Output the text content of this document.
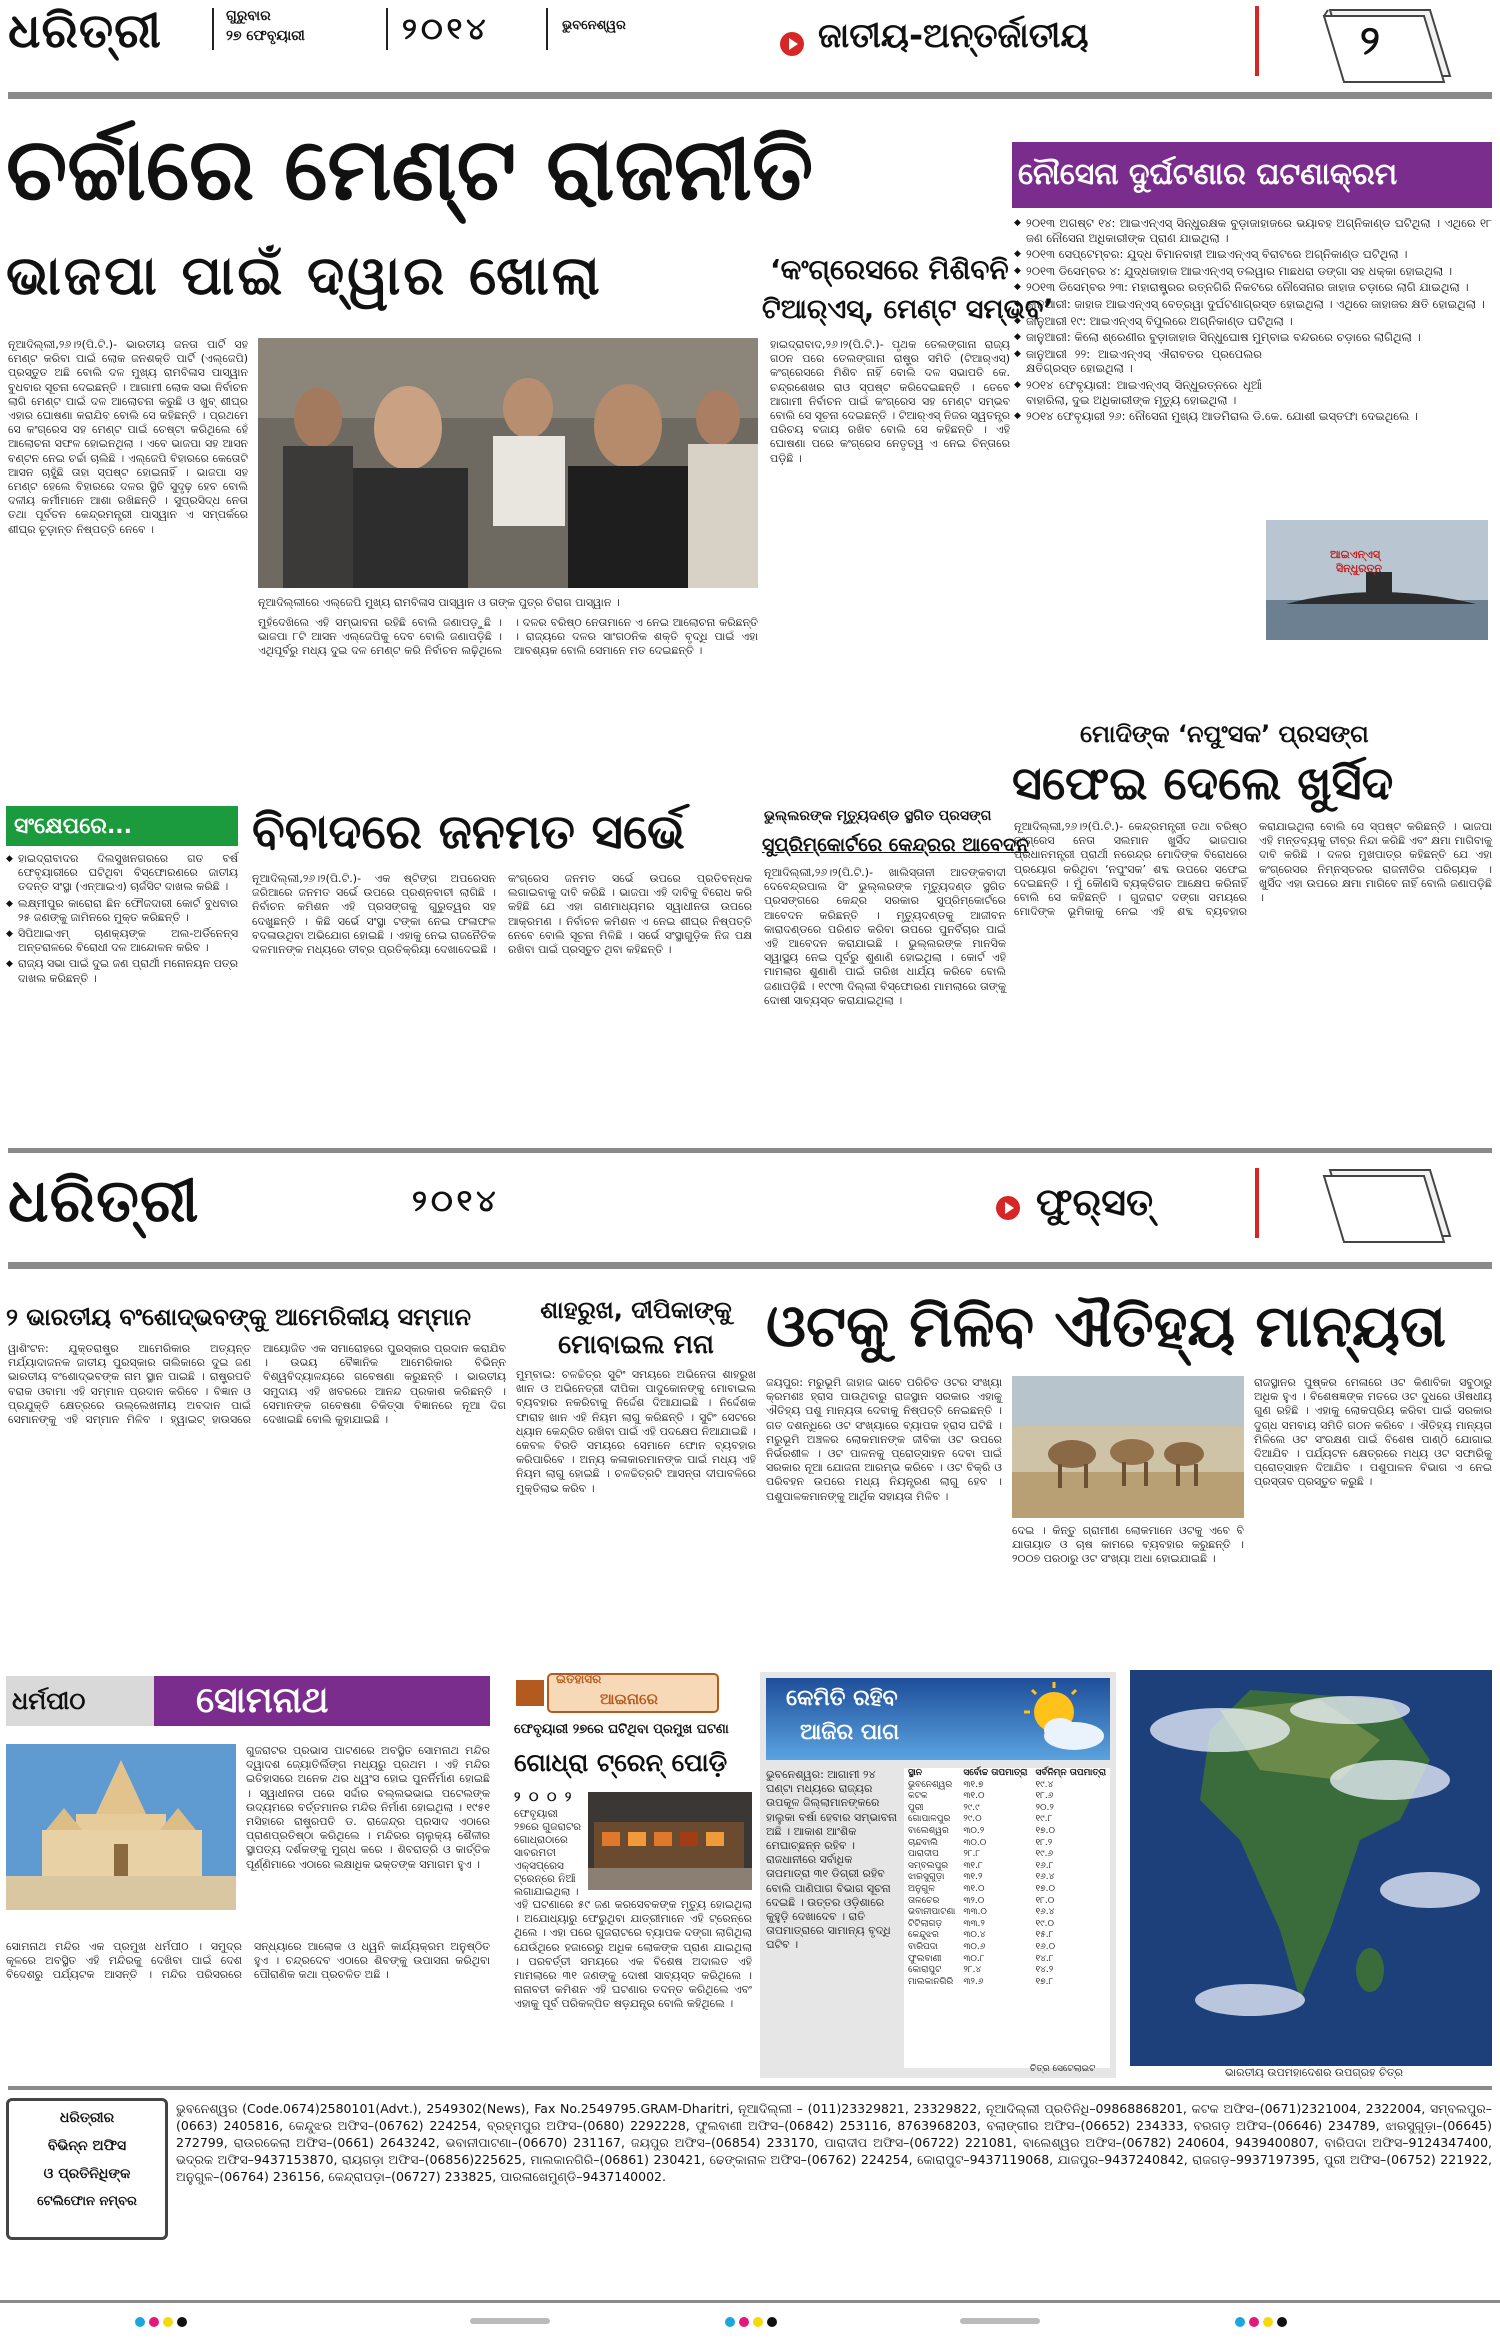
ଧରିତ୍ରୀ	ଗୁରୁବାର
୨୭ ଫେବୃୟାରୀ	୨୦୧୪	ଭୁବନେଶ୍ୱର	ଜାତୀୟ-ଅନ୍ତର୍ଜାତୀୟ	୨
ଚର୍ଚ୍ଚାରେ ମେଣ୍ଟ ରାଜନୀତି
ଭାଜପା ପାଇଁ ଦ୍ୱାର ଖୋଲା	‘କଂଗ୍ରେସରେ ମିଶିବନି
ଟିଆର୍‌ଏସ୍, ମେଣ୍ଟ ସମ୍ଭବ’
ନୂଆଦିଲ୍ଲୀ,୨୬।୨(ପି.ଟି.)- ଭାରତୀୟ ଜନତା ପାର୍ଟି ସହ ମେଣ୍ଟ କରିବା ପାଇଁ ଲୋକ ଜନଶକ୍ତି ପାର୍ଟି (ଏଲ୍‌ଜେପି) ପ୍ରସ୍ତୁତ ଅଛି ବୋଲି ଦଳ ମୁଖ୍ୟ ରାମବିଳାସ ପାସ୍‌ୱାନ ବୁଧବାର ସୂଚନା ଦେଇଛନ୍ତି । ଆଗାମୀ ଲୋକ ସଭା ନିର୍ବାଚନ ଲାଗି ମେଣ୍ଟ ପାଇଁ ଦଳ ଆଲୋଚନା କରୁଛି ଓ ଖୁବ୍ ଶୀଘ୍ର ଏହାର ଘୋଷଣା କରାଯିବ ବୋଲି ସେ କହିଛନ୍ତି । ପ୍ରଥମେ ସେ କଂଗ୍ରେସ ସହ ମେଣ୍ଟ ପାଇଁ ଚେଷ୍ଟା କରିଥିଲେ ହେଁ ଆଲୋଚନା ସଫଳ ହୋଇନଥିଲା । ଏବେ ଭାଜପା ସହ ଆସନ ବଣ୍ଟନ ନେଇ ଚର୍ଚ୍ଚା ଚାଲିଛି । ଏଲ୍‌ଜେପି ବିହାରରେ କେତୋଟି ଆସନ ଚାହୁଁଛି ତାହା ସ୍ପଷ୍ଟ ହୋଇନାହିଁ । ଭାଜପା ସହ ମେଣ୍ଟ ହେଲେ ବିହାରରେ ଦଳର ସ୍ଥିତି ସୁଦୃଢ଼ ହେବ ବୋଲି ଦଳୀୟ କର୍ମୀମାନେ ଆଶା ରଖିଛନ୍ତି । ସୁପ୍ରସିଦ୍ଧ ନେତା ତଥା ପୂର୍ବତନ କେନ୍ଦ୍ରମନ୍ତ୍ରୀ ପାସ୍‌ୱାନ ଏ ସମ୍ପର୍କରେ ଶୀଘ୍ର ଚୂଡ଼ାନ୍ତ ନିଷ୍ପତ୍ତି ନେବେ ।
ନୂଆଦିଲ୍ଲୀରେ ଏଲ୍‌ଜେପି ମୁଖ୍ୟ ରାମବିଳାସ ପାସ୍‌ୱାନ ଓ ତାଙ୍କ ପୁତ୍ର ଚିରାଗ ପାସ୍‌ୱାନ ।
ମୁହଁଦେଖିଲେ ଏହି ସମ୍ଭାବନା ରହିଛି ବୋଲି ଜଣାପଡ଼ୁଛି । ଭାଜପା ୮ଟି ଆସନ ଏଲ୍‌ଜେପିକୁ ଦେବ ବୋଲି ଜଣାପଡ଼ିଛି । ଏଥିପୂର୍ବରୁ ମଧ୍ୟ ଦୁଇ ଦଳ ମେଣ୍ଟ କରି ନିର୍ବାଚନ ଲଢ଼ିଥିଲେ । ଦଳର ବରିଷ୍ଠ ନେତାମାନେ ଏ ନେଇ ଆଲୋଚନା କରିଛନ୍ତି । ରାଜ୍ୟରେ ଦଳର ସାଂଗଠନିକ ଶକ୍ତି ବୃଦ୍ଧି ପାଇଁ ଏହା ଆବଶ୍ୟକ ବୋଲି ସେମାନେ ମତ ଦେଇଛନ୍ତି ।
ହାଇଦ୍ରାବାଦ,୨୬।୨(ପି.ଟି.)- ପୃଥକ ତେଲଙ୍ଗାନା ରାଜ୍ୟ ଗଠନ ପରେ ତେଲଙ୍ଗାନା ରାଷ୍ଟ୍ର ସମିତି (ଟିଆର୍‌ଏସ୍) କଂଗ୍ରେସରେ ମିଶିବ ନାହିଁ ବୋଲି ଦଳ ସଭାପତି କେ. ଚନ୍ଦ୍ରଶେଖର ରାଓ ସ୍ପଷ୍ଟ କରିଦେଇଛନ୍ତି । ତେବେ ଆଗାମୀ ନିର୍ବାଚନ ପାଇଁ କଂଗ୍ରେସ ସହ ମେଣ୍ଟ ସମ୍ଭବ ବୋଲି ସେ ସୂଚନା ଦେଇଛନ୍ତି । ଟିଆର୍‌ଏସ୍ ନିଜର ସ୍ୱତନ୍ତ୍ର ପରିଚୟ ବଜାୟ ରଖିବ ବୋଲି ସେ କହିଛନ୍ତି । ଏହି ଘୋଷଣା ପରେ କଂଗ୍ରେସ ନେତୃତ୍ୱ ଏ ନେଇ ଚିନ୍ତାରେ ପଡ଼ିଛି ।
ନୌସେନା ଦୁର୍ଘଟଣାର ଘଟଣାକ୍ରମ
◆ ୨୦୧୩ ଅଗଷ୍ଟ ୧୪: ଆଇଏନ୍‌ଏସ୍ ସିନ୍ଧୁରକ୍ଷକ ବୁଡ଼ାଜାହାଜରେ ଭୟାବହ ଅଗ୍ନିକାଣ୍ଡ ଘଟିଥିଲା । ଏଥିରେ ୧୮ ଜଣ ନୌସେନା ଅଧିକାରୀଙ୍କ ପ୍ରାଣ ଯାଇଥିଲା ।
◆ ୨୦୧୩ ସେପ୍ଟେମ୍ବର: ଯୁଦ୍ଧ ବିମାନବାହୀ ଆଇଏନ୍‌ଏସ୍ ବିରାଟରେ ଅଗ୍ନିକାଣ୍ଡ ଘଟିଥିଲା ।
◆ ୨୦୧୩ ଡିସେମ୍ବର ୪: ଯୁଦ୍ଧଜାହାଜ ଆଇଏନ୍‌ଏସ୍ ତଲୱାର ମାଛଧରା ଡଙ୍ଗା ସହ ଧକ୍କା ହୋଇଥିଲା ।
◆ ୨୦୧୩ ଡିସେମ୍ବର ୨୩: ମହାରାଷ୍ଟ୍ରର ରତ୍ନଗିରି ନିକଟରେ ନୌସେନାର ଜାହାଜ ଚଡ଼ାରେ ଲାଗି ଯାଇଥିଲା ।
◆ ଜାନୁଆରୀ: ଜାହାଜ ଆଇଏନ୍‌ଏସ୍ ବେତ୍ରୱା ଦୁର୍ଘଟଣାଗ୍ରସ୍ତ ହୋଇଥିଲା । ଏଥିରେ ଜାହାଜର କ୍ଷତି ହୋଇଥିଲା ।
◆ ଜାନୁଆରୀ ୧୯: ଆଇଏନ୍‌ଏସ୍ ବିପୁଲରେ ଅଗ୍ନିକାଣ୍ଡ ଘଟିଥିଲା ।
◆ ଜାନୁଆରୀ: କିଲୋ ଶ୍ରେଣୀର ବୁଡ଼ାଜାହାଜ ସିନ୍ଧୁଘୋଷ ମୁମ୍ବାଇ ବନ୍ଦରରେ ଚଡ଼ାରେ ଲାଗିଥିଲା ।
◆ ଜାନୁଆରୀ ୨୨: ଆଇଏନ୍‌ଏସ୍ ଐରାବତର ପ୍ରପେଲର କ୍ଷତିଗ୍ରସ୍ତ ହୋଇଥିଲା ।
◆ ୨୦୧୪ ଫେବୃୟାରୀ: ଆଇଏନ୍‌ଏସ୍ ସିନ୍ଧୁରତ୍ନରେ ଧୂଆଁ ବାହାରିଲା, ଦୁଇ ଅଧିକାରୀଙ୍କ ମୃତ୍ୟୁ ହୋଇଥିଲା ।
◆ ୨୦୧୪ ଫେବୃୟାରୀ ୨୬: ନୌସେନା ମୁଖ୍ୟ ଆଡମିରାଲ ଡି.କେ. ଯୋଶୀ ଇସ୍ତଫା ଦେଇଥିଲେ ।
ଆଇଏନ୍‌ଏସ୍
ସିନ୍ଧୁରତ୍ନ
ମୋଦିଙ୍କ ‘ନପୁଂସକ’ ପ୍ରସଙ୍ଗ
ସଫେଇ ଦେଲେ ଖୁର୍ସିଦ
ନୂଆଦିଲ୍ଲୀ,୨୬।୨(ପି.ଟି.)- କେନ୍ଦ୍ରମନ୍ତ୍ରୀ ତଥା ବରିଷ୍ଠ କଂଗ୍ରେସ ନେତା ସଲମାନ ଖୁର୍ସିଦ ଭାଜପାର ପ୍ରଧାନମନ୍ତ୍ରୀ ପ୍ରାର୍ଥୀ ନରେନ୍ଦ୍ର ମୋଦିଙ୍କ ବିରୋଧରେ ପ୍ରୟୋଗ କରିଥିବା ‘ନପୁଂସକ’ ଶବ୍ଦ ଉପରେ ସଫେଇ ଦେଇଛନ୍ତି । ମୁଁ କୌଣସି ବ୍ୟକ୍ତିଗତ ଆକ୍ଷେପ କରିନାହିଁ ବୋଲି ସେ କହିଛନ୍ତି । ଗୁଜରାଟ ଦଙ୍ଗା ସମୟରେ ମୋଦିଙ୍କ ଭୂମିକାକୁ ନେଇ ଏହି ଶବ୍ଦ ବ୍ୟବହାର କରାଯାଇଥିଲା ବୋଲି ସେ ସ୍ପଷ୍ଟ କରିଛନ୍ତି । ଭାଜପା ଏହି ମନ୍ତବ୍ୟକୁ ତୀବ୍ର ନିନ୍ଦା କରିଛି ଏବଂ କ୍ଷମା ମାଗିବାକୁ ଦାବି କରିଛି । ଦଳର ମୁଖପାତ୍ର କହିଛନ୍ତି ଯେ ଏହା କଂଗ୍ରେସର ନିମ୍ନସ୍ତରର ରାଜନୀତିର ପରିଚାୟକ । ଖୁର୍ସିଦ ଏହା ଉପରେ କ୍ଷମା ମାଗିବେ ନାହିଁ ବୋଲି ଜଣାପଡ଼ିଛି ।
ସଂକ୍ଷେପରେ...
◆ ହାଇଦ୍ରାବାଦର ଦିଲସୁଖନଗରରେ ଗତ ବର୍ଷ ଫେବୃୟାରୀରେ ଘଟିଥିବା ବିସ୍ଫୋରଣରେ ଜାତୀୟ ତଦନ୍ତ ସଂସ୍ଥା (ଏନ୍‌ଆଇଏ) ଚାର୍ଜସିଟ ଦାଖଲ କରିଛି ।
◆ ଲକ୍ଷ୍ମୀପୁର କାରୋରା ଛିନ ଫୌଜଦାରୀ କୋର୍ଟ ବୁଧବାର ୨୫ ଜଣଙ୍କୁ ଜାମିନରେ ମୁକ୍ତ କରିଛନ୍ତି ।
◆ ସିପିଆଇଏମ୍ ଚାଣକ୍ୟଙ୍କ ଅଲ-ଅର୍ଡିନେନ୍ସ ଅନ୍ତରାଳରେ ବିରୋଧୀ ଦଳ ଆନ୍ଦୋଳନ କରିବ ।
◆ ରାଜ୍ୟ ସଭା ପାଇଁ ଦୁଇ ଜଣ ପ୍ରାର୍ଥୀ ମନୋନୟନ ପତ୍ର ଦାଖଲ କରିଛନ୍ତି ।
ବିବାଦରେ ଜନମତ ସର୍ଭେ
ନୂଆଦିଲ୍ଲୀ,୨୬।୨(ପି.ଟି.)- ଏକ ଷ୍ଟିଙ୍ଗ ଅପରେସନ ଜରିଆରେ ଜନମତ ସର୍ଭେ ଉପରେ ପ୍ରଶ୍ନବାଚୀ ଲାଗିଛି । ନିର୍ବାଚନ କମିଶନ ଏହି ପ୍ରସଙ୍ଗକୁ ଗୁରୁତ୍ୱର ସହ ଦେଖୁଛନ୍ତି । କିଛି ସର୍ଭେ ସଂସ୍ଥା ଟଙ୍କା ନେଇ ଫଳାଫଳ ବଦଳାଉଥିବା ଅଭିଯୋଗ ହୋଇଛି । ଏହାକୁ ନେଇ ରାଜନୈତିକ ଦଳମାନଙ୍କ ମଧ୍ୟରେ ତୀବ୍ର ପ୍ରତିକ୍ରିୟା ଦେଖାଦେଇଛି । କଂଗ୍ରେସ ଜନମତ ସର୍ଭେ ଉପରେ ପ୍ରତିବନ୍ଧକ ଲଗାଇବାକୁ ଦାବି କରିଛି । ଭାଜପା ଏହି ଦାବିକୁ ବିରୋଧ କରି କହିଛି ଯେ ଏହା ଗଣମାଧ୍ୟମର ସ୍ୱାଧୀନତା ଉପରେ ଆକ୍ରମଣ । ନିର୍ବାଚନ କମିଶନ ଏ ନେଇ ଶୀଘ୍ର ନିଷ୍ପତ୍ତି ନେବେ ବୋଲି ସୂଚନା ମିଳିଛି । ସର୍ଭେ ସଂସ୍ଥାଗୁଡ଼ିକ ନିଜ ପକ୍ଷ ରଖିବା ପାଇଁ ପ୍ରସ୍ତୁତ ଥିବା କହିଛନ୍ତି ।
ଭୁଲ୍ଲରଙ୍କ ମୃତ୍ୟୁଦଣ୍ଡ ସ୍ଥଗିତ ପ୍ରସଙ୍ଗ
ସୁପ୍ରିମ୍‌କୋର୍ଟରେ କେନ୍ଦ୍ରର ଆବେଦନ
ନୂଆଦିଲ୍ଲୀ,୨୬।୨(ପି.ଟି.)- ଖାଲିସ୍ତାନୀ ଆତଙ୍କବାଦୀ ଦେବେନ୍ଦ୍ରପାଲ ସିଂ ଭୁଲ୍ଲରଙ୍କ ମୃତ୍ୟୁଦଣ୍ଡ ସ୍ଥଗିତ ପ୍ରସଙ୍ଗରେ କେନ୍ଦ୍ର ସରକାର ସୁପ୍ରିମ୍‌କୋର୍ଟରେ ଆବେଦନ କରିଛନ୍ତି । ମୃତ୍ୟୁଦଣ୍ଡକୁ ଆଜୀବନ କାରାଦଣ୍ଡରେ ପରିଣତ କରିବା ଉପରେ ପୁନର୍ବିଚାର ପାଇଁ ଏହି ଆବେଦନ କରାଯାଇଛି । ଭୁଲ୍ଲରଙ୍କ ମାନସିକ ସ୍ୱାସ୍ଥ୍ୟ ନେଇ ପୂର୍ବରୁ ଶୁଣାଣି ହୋଇଥିଲା । କୋର୍ଟ ଏହି ମାମଲାର ଶୁଣାଣି ପାଇଁ ତାରିଖ ଧାର୍ଯ୍ୟ କରିବେ ବୋଲି ଜଣାପଡ଼ିଛି । ୧୯୯୩ ଦିଲ୍ଲୀ ବିସ୍ଫୋରଣ ମାମଲାରେ ତାଙ୍କୁ ଦୋଷୀ ସାବ୍ୟସ୍ତ କରାଯାଇଥିଲା ।
ଧରିତ୍ରୀ	୨୦୧୪	ଫୁର୍‌ସତ୍
୨ ଭାରତୀୟ ବଂଶୋଦ୍ଭବଙ୍କୁ ଆମେରିକୀୟ ସମ୍ମାନ
ୱାଶିଂଟନ: ଯୁକ୍ତରାଷ୍ଟ୍ର ଆମେରିକାର ଅତ୍ୟନ୍ତ ମର୍ଯ୍ୟାଦାଜନକ ଜାତୀୟ ପୁରସ୍କାର ତାଲିକାରେ ଦୁଇ ଜଣ ଭାରତୀୟ ବଂଶୋଦ୍ଭବଙ୍କ ନାମ ସ୍ଥାନ ପାଇଛି । ରାଷ୍ଟ୍ରପତି ବରାକ ଓବାମା ଏହି ସମ୍ମାନ ପ୍ରଦାନ କରିବେ । ବିଜ୍ଞାନ ଓ ପ୍ରଯୁକ୍ତି କ୍ଷେତ୍ରରେ ଉଲ୍ଲେଖନୀୟ ଅବଦାନ ପାଇଁ ସେମାନଙ୍କୁ ଏହି ସମ୍ମାନ ମିଳିବ । ହ୍ୱାଇଟ୍ ହାଉସରେ ଆୟୋଜିତ ଏକ ସମାରୋହରେ ପୁରସ୍କାର ପ୍ରଦାନ କରାଯିବ । ଉଭୟ ବୈଜ୍ଞାନିକ ଆମେରିକାର ବିଭିନ୍ନ ବିଶ୍ୱବିଦ୍ୟାଳୟରେ ଗବେଷଣା କରୁଛନ୍ତି । ଭାରତୀୟ ସମୁଦାୟ ଏହି ଖବରରେ ଆନନ୍ଦ ପ୍ରକାଶ କରିଛନ୍ତି । ସେମାନଙ୍କ ଗବେଷଣା ଚିକିତ୍ସା ବିଜ୍ଞାନରେ ନୂଆ ଦିଗ ଦେଖାଇଛି ବୋଲି କୁହାଯାଇଛି ।
ଶାହରୁଖ, ଦୀପିକାଙ୍କୁ
ମୋବାଇଲ ମନା
ମୁମ୍ବାଇ: ଚଳଚ୍ଚିତ୍ର ସୁଟିଂ ସମୟରେ ଅଭିନେତା ଶାହରୁଖ ଖାନ ଓ ଅଭିନେତ୍ରୀ ଦୀପିକା ପାଦୁକୋନଙ୍କୁ ମୋବାଇଲ ବ୍ୟବହାର ନକରିବାକୁ ନିର୍ଦ୍ଦେଶ ଦିଆଯାଇଛି । ନିର୍ଦ୍ଦେଶକ ଫାରାହ ଖାନ ଏହି ନିୟମ ଲାଗୁ କରିଛନ୍ତି । ସୁଟିଂ ସେଟରେ ଧ୍ୟାନ କେନ୍ଦ୍ରିତ ରଖିବା ପାଇଁ ଏହି ପଦକ୍ଷେପ ନିଆଯାଇଛି । କେବଳ ବିରତି ସମୟରେ ସେମାନେ ଫୋନ ବ୍ୟବହାର କରିପାରିବେ । ଅନ୍ୟ କଳାକାରମାନଙ୍କ ପାଇଁ ମଧ୍ୟ ଏହି ନିୟମ ଲାଗୁ ହୋଇଛି । ଚଳଚ୍ଚିତ୍ରଟି ଆସନ୍ତା ଦୀପାବଳିରେ ମୁକ୍ତିଲାଭ କରିବ ।
ଓଟକୁ ମିଳିବ ଐତିହ୍ୟ ମାନ୍ୟତା
ଜୟପୁର: ମରୁଭୂମି ଜାହାଜ ଭାବେ ପରିଚିତ ଓଟର ସଂଖ୍ୟା କ୍ରମଶଃ ହ୍ରାସ ପାଉଥିବାରୁ ରାଜସ୍ଥାନ ସରକାର ଏହାକୁ ଐତିହ୍ୟ ପଶୁ ମାନ୍ୟତା ଦେବାକୁ ନିଷ୍ପତ୍ତି ନେଇଛନ୍ତି । ଗତ ଦଶନ୍ଧିରେ ଓଟ ସଂଖ୍ୟାରେ ବ୍ୟାପକ ହ୍ରାସ ଘଟିଛି । ମରୁଭୂମି ଅଞ୍ଚଳର ଲୋକମାନଙ୍କ ଜୀବିକା ଓଟ ଉପରେ ନିର୍ଭରଶୀଳ । ଓଟ ପାଳନକୁ ପ୍ରୋତ୍ସାହନ ଦେବା ପାଇଁ ସରକାର ନୂଆ ଯୋଜନା ଆରମ୍ଭ କରିବେ । ଓଟ ବିକ୍ରି ଓ ପରିବହନ ଉପରେ ମଧ୍ୟ ନିୟନ୍ତ୍ରଣ ଲାଗୁ ହେବ । ପଶୁପାଳକମାନଙ୍କୁ ଆର୍ଥିକ ସହାୟତା ମିଳିବ ।
ଦେଇ । କିନ୍ତୁ ଗ୍ରାମୀଣ ଲୋକମାନେ ଓଟକୁ ଏବେ ବି ଯାତାୟାତ ଓ ଚାଷ କାମରେ ବ୍ୟବହାର କରୁଛନ୍ତି । ୨୦୦୭ ପରଠାରୁ ଓଟ ସଂଖ୍ୟା ଅଧା ହୋଇଯାଇଛି ।
ରାଜସ୍ଥାନର ପୁଷ୍କର ମେଳାରେ ଓଟ କିଣାବିକା ସବୁଠାରୁ ଅଧିକ ହୁଏ । ବିଶେଷଜ୍ଞଙ୍କ ମତରେ ଓଟ ଦୁଧରେ ଔଷଧୀୟ ଗୁଣ ରହିଛି । ଏହାକୁ ଲୋକପ୍ରିୟ କରିବା ପାଇଁ ସରକାର ଦୁଗ୍ଧ ସମବାୟ ସମିତି ଗଠନ କରିବେ । ଐତିହ୍ୟ ମାନ୍ୟତା ମିଳିଲେ ଓଟ ସଂରକ୍ଷଣ ପାଇଁ ବିଶେଷ ପାଣ୍ଠି ଯୋଗାଇ ଦିଆଯିବ । ପର୍ଯ୍ୟଟନ କ୍ଷେତ୍ରରେ ମଧ୍ୟ ଓଟ ସଫାରିକୁ ପ୍ରୋତ୍ସାହନ ଦିଆଯିବ । ପଶୁପାଳନ ବିଭାଗ ଏ ନେଇ ପ୍ରସ୍ତାବ ପ୍ରସ୍ତୁତ କରୁଛି ।
ଧର୍ମପୀଠ	ସୋମନାଥ
ଗୁଜରାଟର ପ୍ରଭାସ ପାଟଣରେ ଅବସ୍ଥିତ ସୋମନାଥ ମନ୍ଦିର ଦ୍ୱାଦଶ ଜ୍ୟୋତିର୍ଲିଙ୍ଗ ମଧ୍ୟରୁ ପ୍ରଥମ । ଏହି ମନ୍ଦିର ଇତିହାସରେ ଅନେକ ଥର ଧ୍ୱଂସ ହୋଇ ପୁନର୍ନିର୍ମାଣ ହୋଇଛି । ସ୍ୱାଧୀନତା ପରେ ସର୍ଦ୍ଦାର ବଲ୍ଲଭଭାଇ ପଟେଲଙ୍କ ଉଦ୍ୟମରେ ବର୍ତ୍ତମାନର ମନ୍ଦିର ନିର୍ମାଣ ହୋଇଥିଲା । ୧୯୫୧ ମସିହାରେ ରାଷ୍ଟ୍ରପତି ଡ. ରାଜେନ୍ଦ୍ର ପ୍ରସାଦ ଏଠାରେ ପ୍ରାଣପ୍ରତିଷ୍ଠା କରିଥିଲେ । ମନ୍ଦିରର ଚାଲୁକ୍ୟ ଶୈଳୀର ସ୍ଥାପତ୍ୟ ଦର୍ଶକଙ୍କୁ ମୁଗ୍ଧ କରେ । ଶିବରାତ୍ରି ଓ କାର୍ତ୍ତିକ ପୂର୍ଣ୍ଣିମାରେ ଏଠାରେ ଲକ୍ଷାଧିକ ଭକ୍ତଙ୍କ ସମାଗମ ହୁଏ ।
ସୋମନାଥ ମନ୍ଦିର ଏକ ପ୍ରମୁଖ ଧର୍ମପୀଠ । ସମୁଦ୍ର କୂଳରେ ଅବସ୍ଥିତ ଏହି ମନ୍ଦିରକୁ ଦେଖିବା ପାଇଁ ଦେଶ ବିଦେଶରୁ ପର୍ଯ୍ୟଟକ ଆସନ୍ତି । ମନ୍ଦିର ପରିସରରେ ସନ୍ଧ୍ୟାରେ ଆଲୋକ ଓ ଧ୍ୱନି କାର୍ଯ୍ୟକ୍ରମ ଅନୁଷ୍ଠିତ ହୁଏ । ଚନ୍ଦ୍ରଦେବ ଏଠାରେ ଶିବଙ୍କୁ ଉପାସନା କରିଥିବା ପୌରାଣିକ କଥା ପ୍ରଚଳିତ ଅଛି ।
ଇତିହାସର
ଆଇନାରେ
ଫେବୃୟାରୀ ୨୭ରେ ଘଟିଥିବା ପ୍ରମୁଖ ଘଟଣା
ଗୋଧ୍ରା ଟ୍ରେନ୍ ପୋଡ଼ି
୨ ୦ ୦ ୨
ଫେବୃୟାରୀ ୨୭ରେ ଗୁଜରାଟର ଗୋଧ୍ରାଠାରେ ସାବରମତୀ ଏକ୍ସପ୍ରେସ ଟ୍ରେନ୍‌ରେ ନିଆଁ ଲଗାଯାଇଥିଲା ।
ଏହି ଘଟଣାରେ ୫୯ ଜଣ କରସେବକଙ୍କ ମୃତ୍ୟୁ ହୋଇଥିଲା । ଅଯୋଧ୍ୟାରୁ ଫେରୁଥିବା ଯାତ୍ରୀମାନେ ଏହି ଟ୍ରେନ୍‌ରେ ଥିଲେ । ଏହା ପରେ ଗୁଜରାଟରେ ବ୍ୟାପକ ଦଙ୍ଗା ଲାଗିଥିଲା ଯେଉଁଥିରେ ହଜାରେରୁ ଅଧିକ ଲୋକଙ୍କ ପ୍ରାଣ ଯାଇଥିଲା । ପରବର୍ତ୍ତୀ ସମୟରେ ଏକ ବିଶେଷ ଅଦାଲତ ଏହି ମାମଲାରେ ୩୧ ଜଣଙ୍କୁ ଦୋଷୀ ସାବ୍ୟସ୍ତ କରିଥିଲେ । ନାନାବତୀ କମିଶନ ଏହି ଘଟଣାର ତଦନ୍ତ କରିଥିଲେ ଏବଂ ଏହାକୁ ପୂର୍ବ ପରିକଳ୍ପିତ ଷଡ଼ଯନ୍ତ୍ର ବୋଲି କହିଥିଲେ ।
କେମିତି ରହିବ
ଆଜିର ପାଗ
ଭୁବନେଶ୍ୱର: ଆଗାମୀ ୨୪ ଘଣ୍ଟା ମଧ୍ୟରେ ରାଜ୍ୟର ଉପକୂଳ ଜିଲ୍ଲାମାନଙ୍କରେ ହାଲୁକା ବର୍ଷା ହେବାର ସମ୍ଭାବନା ଅଛି । ଆକାଶ ଆଂଶିକ ମେଘାଚ୍ଛନ୍ନ ରହିବ । ରାଜଧାନୀରେ ସର୍ବାଧିକ ତାପମାତ୍ରା ୩୧ ଡିଗ୍ରୀ ରହିବ ବୋଲି ପାଣିପାଗ ବିଭାଗ ସୂଚନା ଦେଇଛି । ଉତ୍ତର ଓଡ଼ିଶାରେ କୁହୁଡ଼ି ଦେଖାଦେବ । ରାତି ତାପମାତ୍ରାରେ ସାମାନ୍ୟ ବୃଦ୍ଧି ଘଟିବ ।
ସ୍ଥାନ	ସର୍ବୋଚ୍ଚ ତାପମାତ୍ରା	ସର୍ବନିମ୍ନ ତାପମାତ୍ରା
ଭୁବନେଶ୍ୱର	୩୧.୭	୧୯.୪
କଟକ	୩୧.୦	୧୮.୬
ପୁରୀ	୨୯.୯	୨୦.୨
ଗୋପାଳପୁର	୨୯.୦	୧୯.୮
ବାଲେଶ୍ୱର	୩୦.୨	୧୭.୦
ଚାନ୍ଦବାଲି	୩୦.୦	୧୮.୨
ପାରାଦୀପ	୨୮.୮	୧୯.୬
ସମ୍ବଲପୁର	୩୧.୮	୧୬.୮
ଝାରସୁଗୁଡ଼ା	୩୧.୨	୧୬.୪
ଅନୁଗୁଳ	୩୧.୦	୧୭.୦
ତାଳଚେର	୩୨.୦	୧୮.୦
ଭବାନୀପାଟଣା	୩୩.୦	୧୬.୪
ଟିଟିଲାଗଡ଼	୩୩.୨	୧୯.୦
କେନ୍ଦୁଝର	୩୦.୪	୧୫.୮
ବାରିପଦା	୩୦.୬	୧୬.୦
ଫୁଲବାଣୀ	୩୦.୮	୧୪.୮
କୋରାପୁଟ	୨୮.୪	୧୪.୨
ମାଲକାନଗିରି	୩୨.୬	୧୭.୮
ଚିତ୍ର ସେଟେଲାଇଟ	ଭାରତୀୟ ଉପମହାଦେଶର ଉପଗ୍ରହ ଚିତ୍ର
ଧରିତ୍ରୀର
ବିଭିନ୍ନ ଅଫିସ
ଓ ପ୍ରତିନିଧିଙ୍କ
ଟେଲିଫୋନ ନମ୍ବର
ଭୁବନେଶ୍ୱର (Code.0674)2580101(Advt.), 2549302(News), Fax No.2549795.GRAM-Dharitri, ନୂଆଦିଲ୍ଲୀ – (011)23329821, 23329822, ନୂଆଦିଲ୍ଲୀ ପ୍ରତିନିଧି–09868868201, କଟକ ଅଫିସ–(0671)2321004, 2322004, ସମ୍ବଲପୁର–(0663) 2405816, କେନ୍ଦୁଝର ଅଫିସ–(06762) 224254, ବ୍ରହ୍ମପୁର ଅଫିସ–(0680) 2292228, ଫୁଲବାଣୀ ଅଫିସ–(06842) 253116, 8763968203, ବଲାଙ୍ଗୀର ଅଫିସ–(06652) 234333, ବରଗଡ଼ ଅଫିସ–(06646) 234789, ଝାରସୁଗୁଡ଼ା–(06645) 272799, ରାଉରକେଲା ଅଫିସ–(0661) 2643242, ଭବାନୀପାଟଣା–(06670) 231167, ଜୟପୁର ଅଫିସ–(06854) 233170, ପାରାଦୀପ ଅଫିସ–(06722) 221081, ବାଲେଶ୍ୱର ଅଫିସ–(06782) 240604, 9439400807, ବାରିପଦା ଅଫିସ–9124347400, ଭଦ୍ରକ ଅଫିସ–9437153870, ରାୟଗଡ଼ା ଅଫିସ–(06856)225625, ମାଲକାନଗିରି–(06861) 230421, ଢେଙ୍କାନାଳ ଅଫିସ–(06762) 224254, କୋରାପୁଟ–9437119068, ଯାଜପୁର–9437240842, ରାଜଗଡ଼–9937197395, ପୁରୀ ଅଫିସ–(06752) 221922, ଅନୁଗୁଳ–(06764) 236156, କେନ୍ଦ୍ରାପଡ଼ା–(06727) 233825, ପାରଳାଖେମୁଣ୍ଡି–9437140002.
